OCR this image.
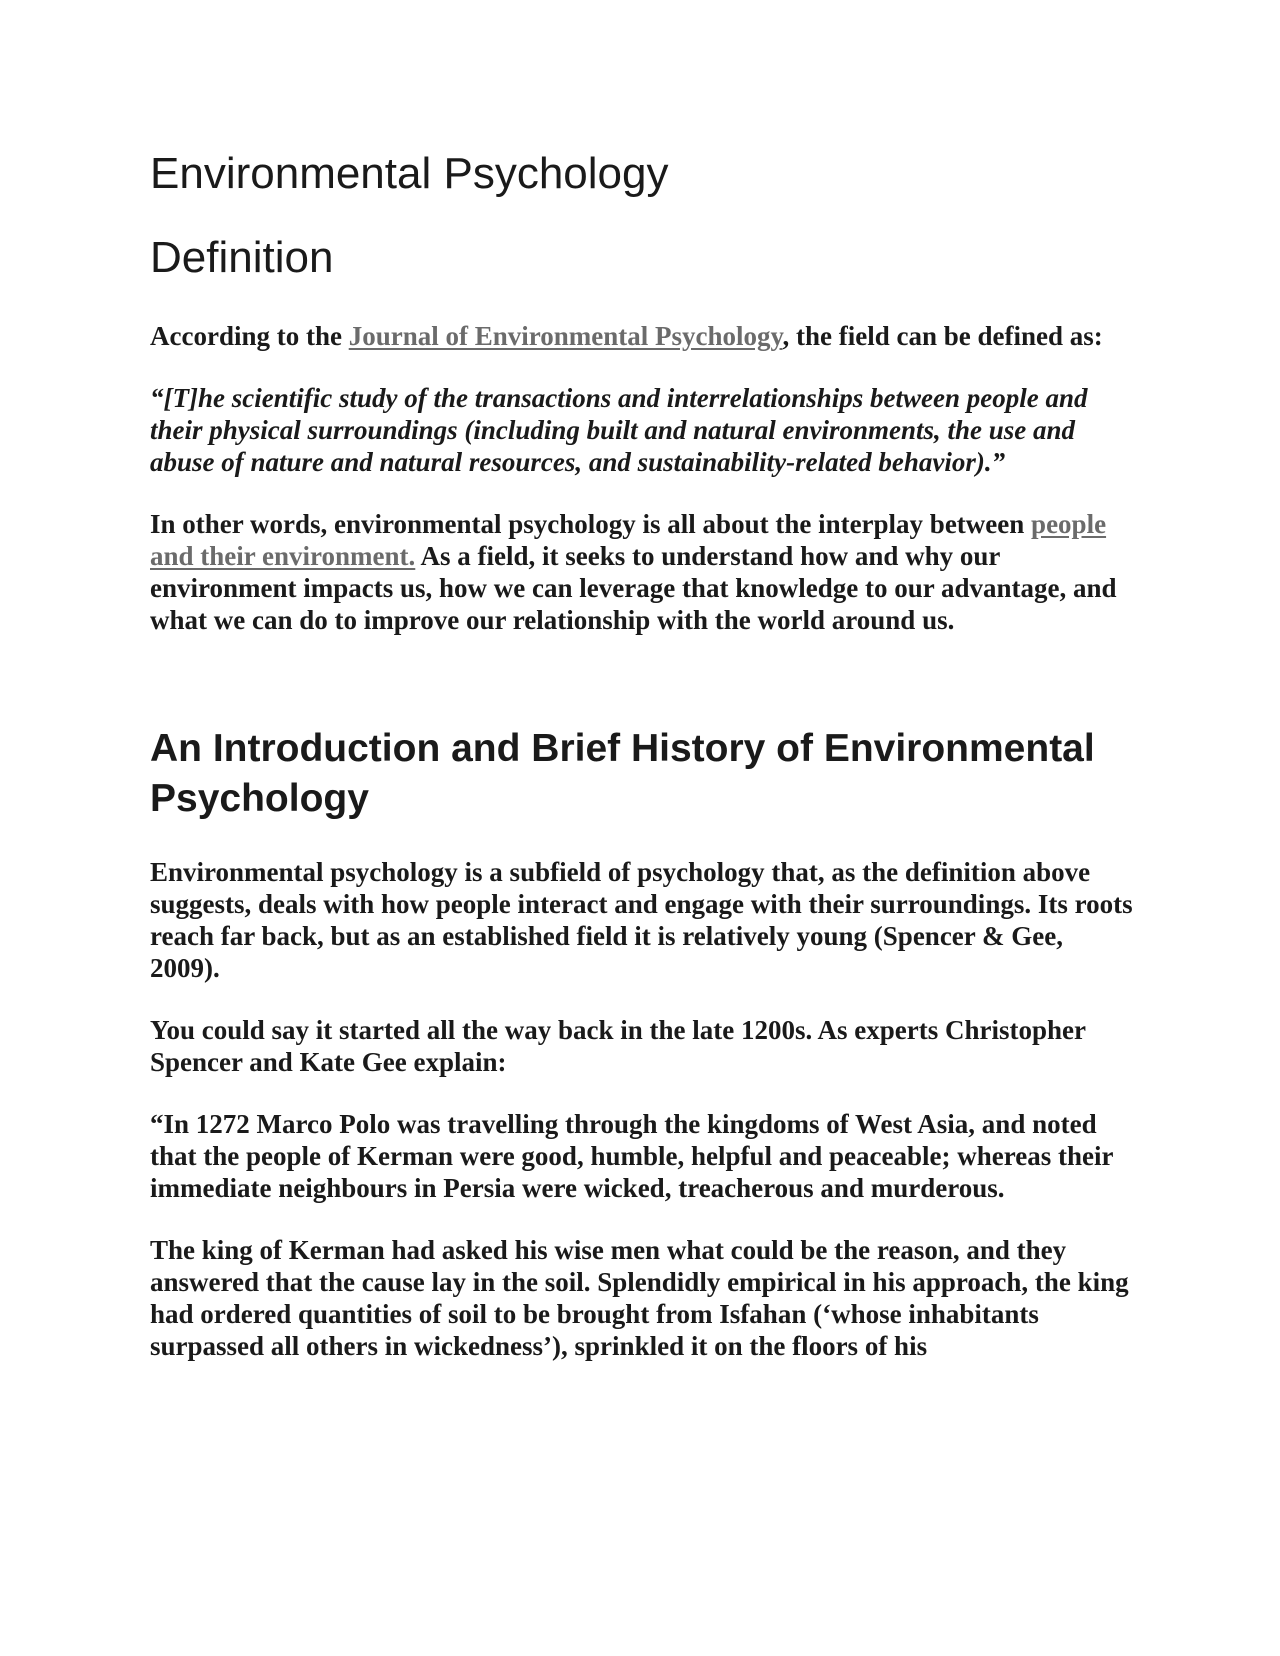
Environmental Psychology
Definition

According to the Journal of Environmental Psychology, the field can be defined as:

“[T]he scientific study of the transactions and interrelationships between people and their physical surroundings (including built and natural environments, the use and abuse of nature and natural resources, and sustainability-related behavior).”

In other words, environmental psychology is all about the interplay between people and their environment. As a field, it seeks to understand how and why our environment impacts us, how we can leverage that knowledge to our advantage, and what we can do to improve our relationship with the world around us.

An Introduction and Brief History of Environmental Psychology

Environmental psychology is a subfield of psychology that, as the definition above suggests, deals with how people interact and engage with their surroundings. Its roots reach far back, but as an established field it is relatively young (Spencer & Gee, 2009).

You could say it started all the way back in the late 1200s. As experts Christopher Spencer and Kate Gee explain:

“In 1272 Marco Polo was travelling through the kingdoms of West Asia, and noted that the people of Kerman were good, humble, helpful and peaceable; whereas their immediate neighbours in Persia were wicked, treacherous and murderous.

The king of Kerman had asked his wise men what could be the reason, and they answered that the cause lay in the soil. Splendidly empirical in his approach, the king had ordered quantities of soil to be brought from Isfahan (‘whose inhabitants surpassed all others in wickedness’), sprinkled it on the floors of his
